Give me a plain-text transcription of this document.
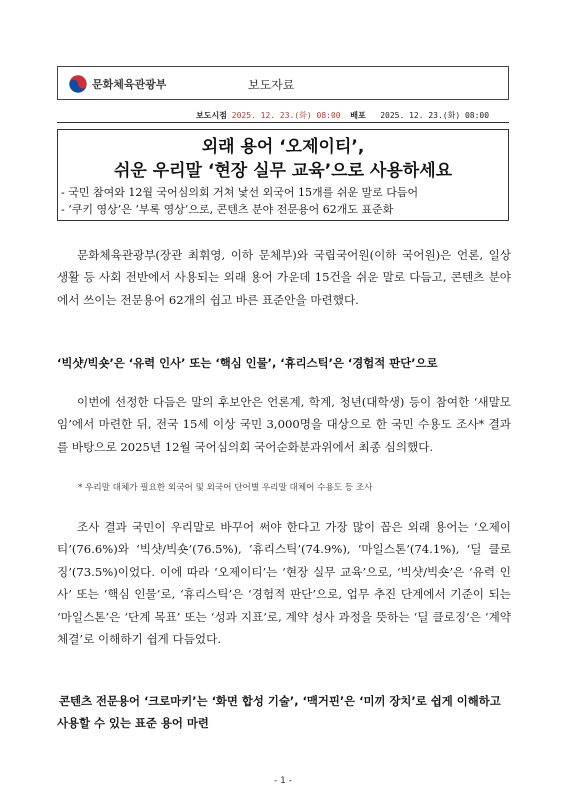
문화체육관광부	보도자료
보도시점 2025. 12. 23.(화) 08:00 배포 2025. 12. 23.(화) 08:00
외래 용어 ‘오제이티’,
쉬운 우리말 ‘현장 실무 교육’으로 사용하세요
- 국민 참여와 12월 국어심의회 거쳐 낯선 외국어 15개를 쉬운 말로 다듬어
- ‘쿠키 영상’은 ‘부록 영상’으로, 콘텐츠 분야 전문용어 62개도 표준화
문화체육관광부(장관 최휘영, 이하 문체부)와 국립국어원(이하 국어원)은 언론, 일상 생활 등 사회 전반에서 사용되는 외래 용어 가운데 15건을 쉬운 말로 다듬고, 콘텐츠 분야에서 쓰이는 전문용어 62개의 쉽고 바른 표준안을 마련했다.
‘빅샷/빅숏’은 ‘유력 인사’ 또는 ‘핵심 인물’, ‘휴리스틱’은 ‘경험적 판단’으로
이번에 선정한 다듬은 말의 후보안은 언론계, 학계, 청년(대학생) 등이 참여한 ‘새말모임’에서 마련한 뒤, 전국 15세 이상 국민 3,000명을 대상으로 한 국민 수용도 조사* 결과를 바탕으로 2025년 12월 국어심의회 국어순화분과위에서 최종 심의했다.
* 우리말 대체가 필요한 외국어 및 외국어 단어별 우리말 대체어 수용도 등 조사
조사 결과 국민이 우리말로 바꾸어 써야 한다고 가장 많이 꼽은 외래 용어는 ‘오제이티’(76.6%)와 ‘빅샷/빅숏’(76.5%), ‘휴리스틱’(74.9%), ‘마일스톤’(74.1%), ‘딜 클로징’(73.5%)이었다. 이에 따라 ‘오제이티’는 ‘현장 실무 교육’으로, ‘빅샷/빅숏’은 ‘유력 인사’ 또는 ‘핵심 인물’로, ‘휴리스틱’은 ‘경험적 판단’으로, 업무 추진 단계에서 기준이 되는 ‘마일스톤’은 ‘단계 목표’ 또는 ‘성과 지표’로, 계약 성사 과정을 뜻하는 ‘딜 클로징’은 ‘계약 체결’로 이해하기 쉽게 다듬었다.
콘텐츠 전문용어 ‘크로마키’는 ‘화면 합성 기술’, ‘맥거핀’은 ‘미끼 장치’로 쉽게 이해하고 사용할 수 있는 표준 용어 마련
- 1 -
